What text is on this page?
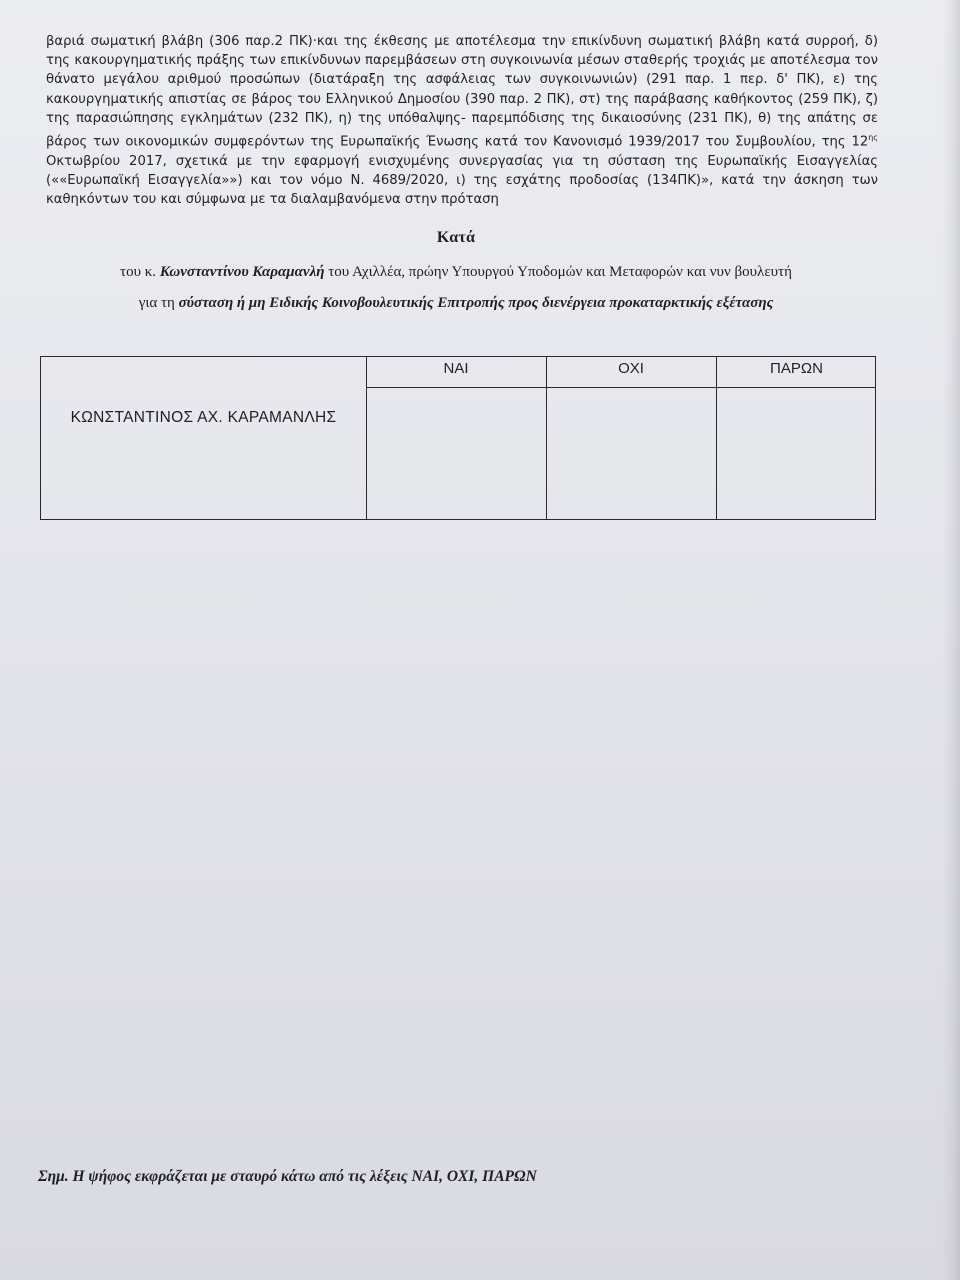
βαριά σωματική βλάβη (306 παρ.2 ΠΚ)·και της έκθεσης με αποτέλεσμα την επικίνδυνη σωματική βλάβη κατά συρροή, δ) της κακουργηματικής πράξης των επικίνδυνων παρεμβάσεων στη συγκοινωνία μέσων σταθερής τροχιάς με αποτέλεσμα τον θάνατο μεγάλου αριθμού προσώπων (διατάραξη της ασφάλειας των συγκοινωνιών) (291 παρ. 1 περ. δ' ΠΚ), ε) της κακουργηματικής απιστίας σε βάρος του Ελληνικού Δημοσίου (390 παρ. 2 ΠΚ), στ) της παράβασης καθήκοντος (259 ΠΚ), ζ) της παρασιώπησης εγκλημάτων (232 ΠΚ), η) της υπόθαλψης- παρεμπόδισης της δικαιοσύνης (231 ΠΚ), θ) της απάτης σε βάρος των οικονομικών συμφερόντων της Ευρωπαϊκής Ένωσης κατά τον Κανονισμό 1939/2017 του Συμβουλίου, της $12^{\eta\varsigma}$ Οκτωβρίου 2017, σχετικά με την εφαρμογή ενισχυμένης συνεργασίας για τη σύσταση της Ευρωπαϊκής Εισαγγελίας (««Ευρωπαϊκή Εισαγγελία»») και τον νόμο Ν. 4689/2020, ι) της εσχάτης προδοσίας (134ΠΚ)», κατά την άσκηση των καθηκόντων του και σύμφωνα με τα διαλαμβανόμενα στην πρόταση
Κατά
του κ. Κωνσταντίνου Καραμανλή του Αχιλλέα, πρώην Υπουργού Υποδομών και Μεταφορών και νυν βουλευτή
για τη σύσταση ή μη Ειδικής Κοινοβουλευτικής Επιτροπής προς διενέργεια προκαταρκτικής εξέτασης
ΝΑΙ	ΟΧΙ	ΠΑΡΩΝ
ΚΩΝΣΤΑΝΤΙΝΟΣ ΑΧ. ΚΑΡΑΜΑΝΛΗΣ
Σημ. Η ψήφος εκφράζεται με σταυρό κάτω από τις λέξεις ΝΑΙ, ΟΧΙ, ΠΑΡΩΝ
